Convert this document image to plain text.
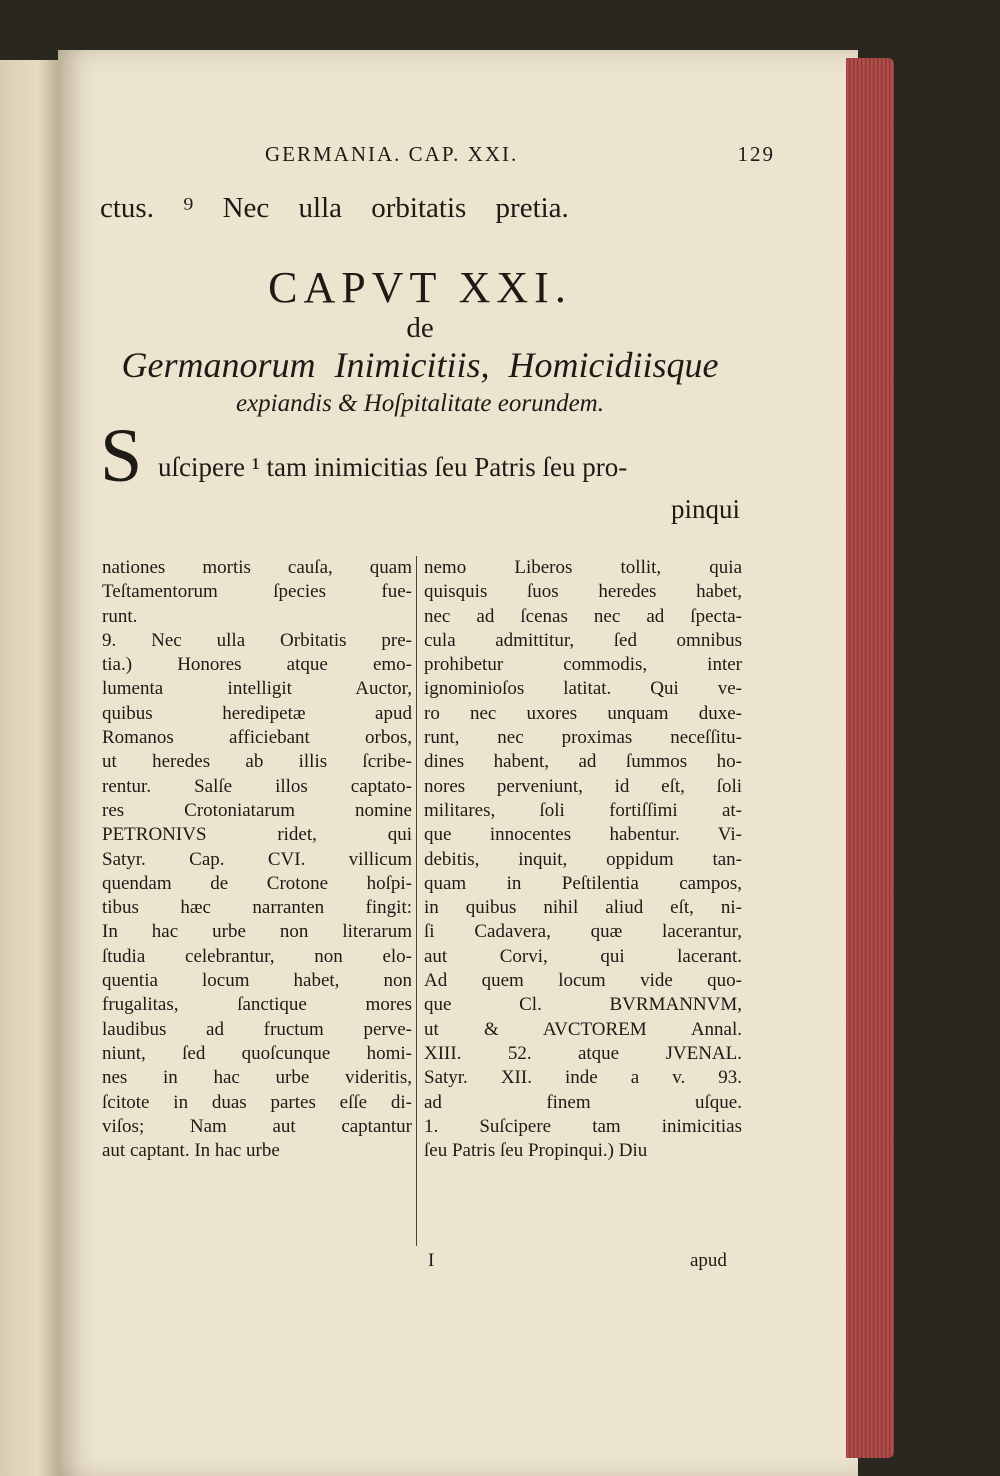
GERMANIA. CAP. XXI.	129
ctus. ⁹ Nec ulla orbitatis pretia.
CAPVT XXI.
de
Germanorum Inimicitiis, Homicidiisque
expiandis & Hoſpitalitate eorundem.
S uſcipere ¹ tam inimicitias ſeu Patris ſeu pro-
pinqui
nationes mortis cauſa, quam
Teſtamentorum ſpecies fue-
runt.
9. Nec ulla Orbitatis pre-
tia.) Honores atque emo-
lumenta intelligit Auctor,
quibus heredipetæ apud
Romanos afficiebant orbos,
ut heredes ab illis ſcribe-
rentur. Salſe illos captato-
res Crotoniatarum nomine
PETRONIVS ridet, qui
Satyr. Cap. CVI. villicum
quendam de Crotone hoſpi-
tibus hæc narranten fingit:
In hac urbe non literarum
ſtudia celebrantur, non elo-
quentia locum habet, non
frugalitas, ſanctique mores
laudibus ad fructum perve-
niunt, ſed quoſcunque homi-
nes in hac urbe videritis,
ſcitote in duas partes eſſe di-
viſos; Nam aut captantur
aut captant. In hac urbe
nemo Liberos tollit, quia
quisquis ſuos heredes habet,
nec ad ſcenas nec ad ſpecta-
cula admittitur, ſed omnibus
prohibetur commodis, inter
ignominioſos latitat. Qui ve-
ro nec uxores unquam duxe-
runt, nec proximas neceſſitu-
dines habent, ad ſummos ho-
nores perveniunt, id eſt, ſoli
militares, ſoli fortiſſimi at-
que innocentes habentur. Vi-
debitis, inquit, oppidum tan-
quam in Peſtilentia campos,
in quibus nihil aliud eſt, ni-
ſi Cadavera, quæ lacerantur,
aut Corvi, qui lacerant.
Ad quem locum vide quo-
que Cl. BVRMANNVM,
ut & AVCTOREM Annal.
XIII. 52. atque JVENAL.
Satyr. XII. inde a v. 93.
ad finem uſque.
1. Suſcipere tam inimicitias
ſeu Patris ſeu Propinqui.) Diu
I	apud
